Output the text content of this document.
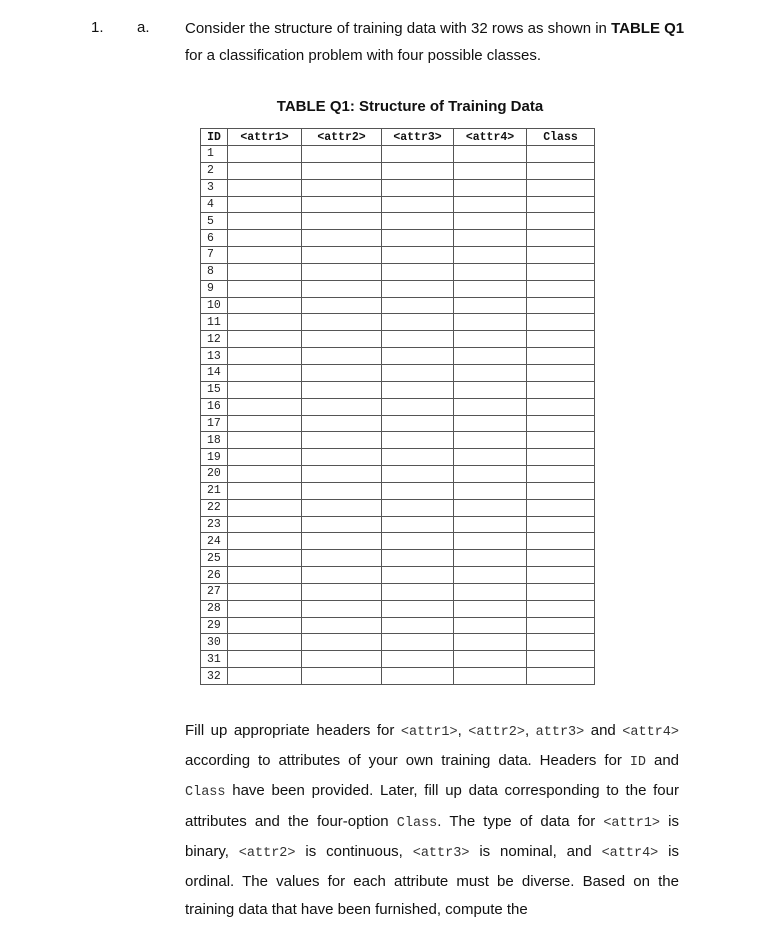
1. a. Consider the structure of training data with 32 rows as shown in TABLE Q1 for a classification problem with four possible classes.
TABLE Q1: Structure of Training Data
ID	<attr1>	<attr2>	<attr3>	<attr4>	Class
1					
2					
3					
4					
5					
6					
7					
8					
9					
10					
11					
12					
13					
14					
15					
16					
17					
18					
19					
20					
21					
22					
23					
24					
25					
26					
27					
28					
29					
30					
31					
32					
Fill up appropriate headers for <attr1>, <attr2>, attr3> and <attr4> according to attributes of your own training data. Headers for ID and Class have been provided. Later, fill up data corresponding to the four attributes and the four-option Class. The type of data for <attr1> is binary, <attr2> is continuous, <attr3> is nominal, and <attr4> is ordinal. The values for each attribute must be diverse. Based on the training data that have been furnished, compute the
